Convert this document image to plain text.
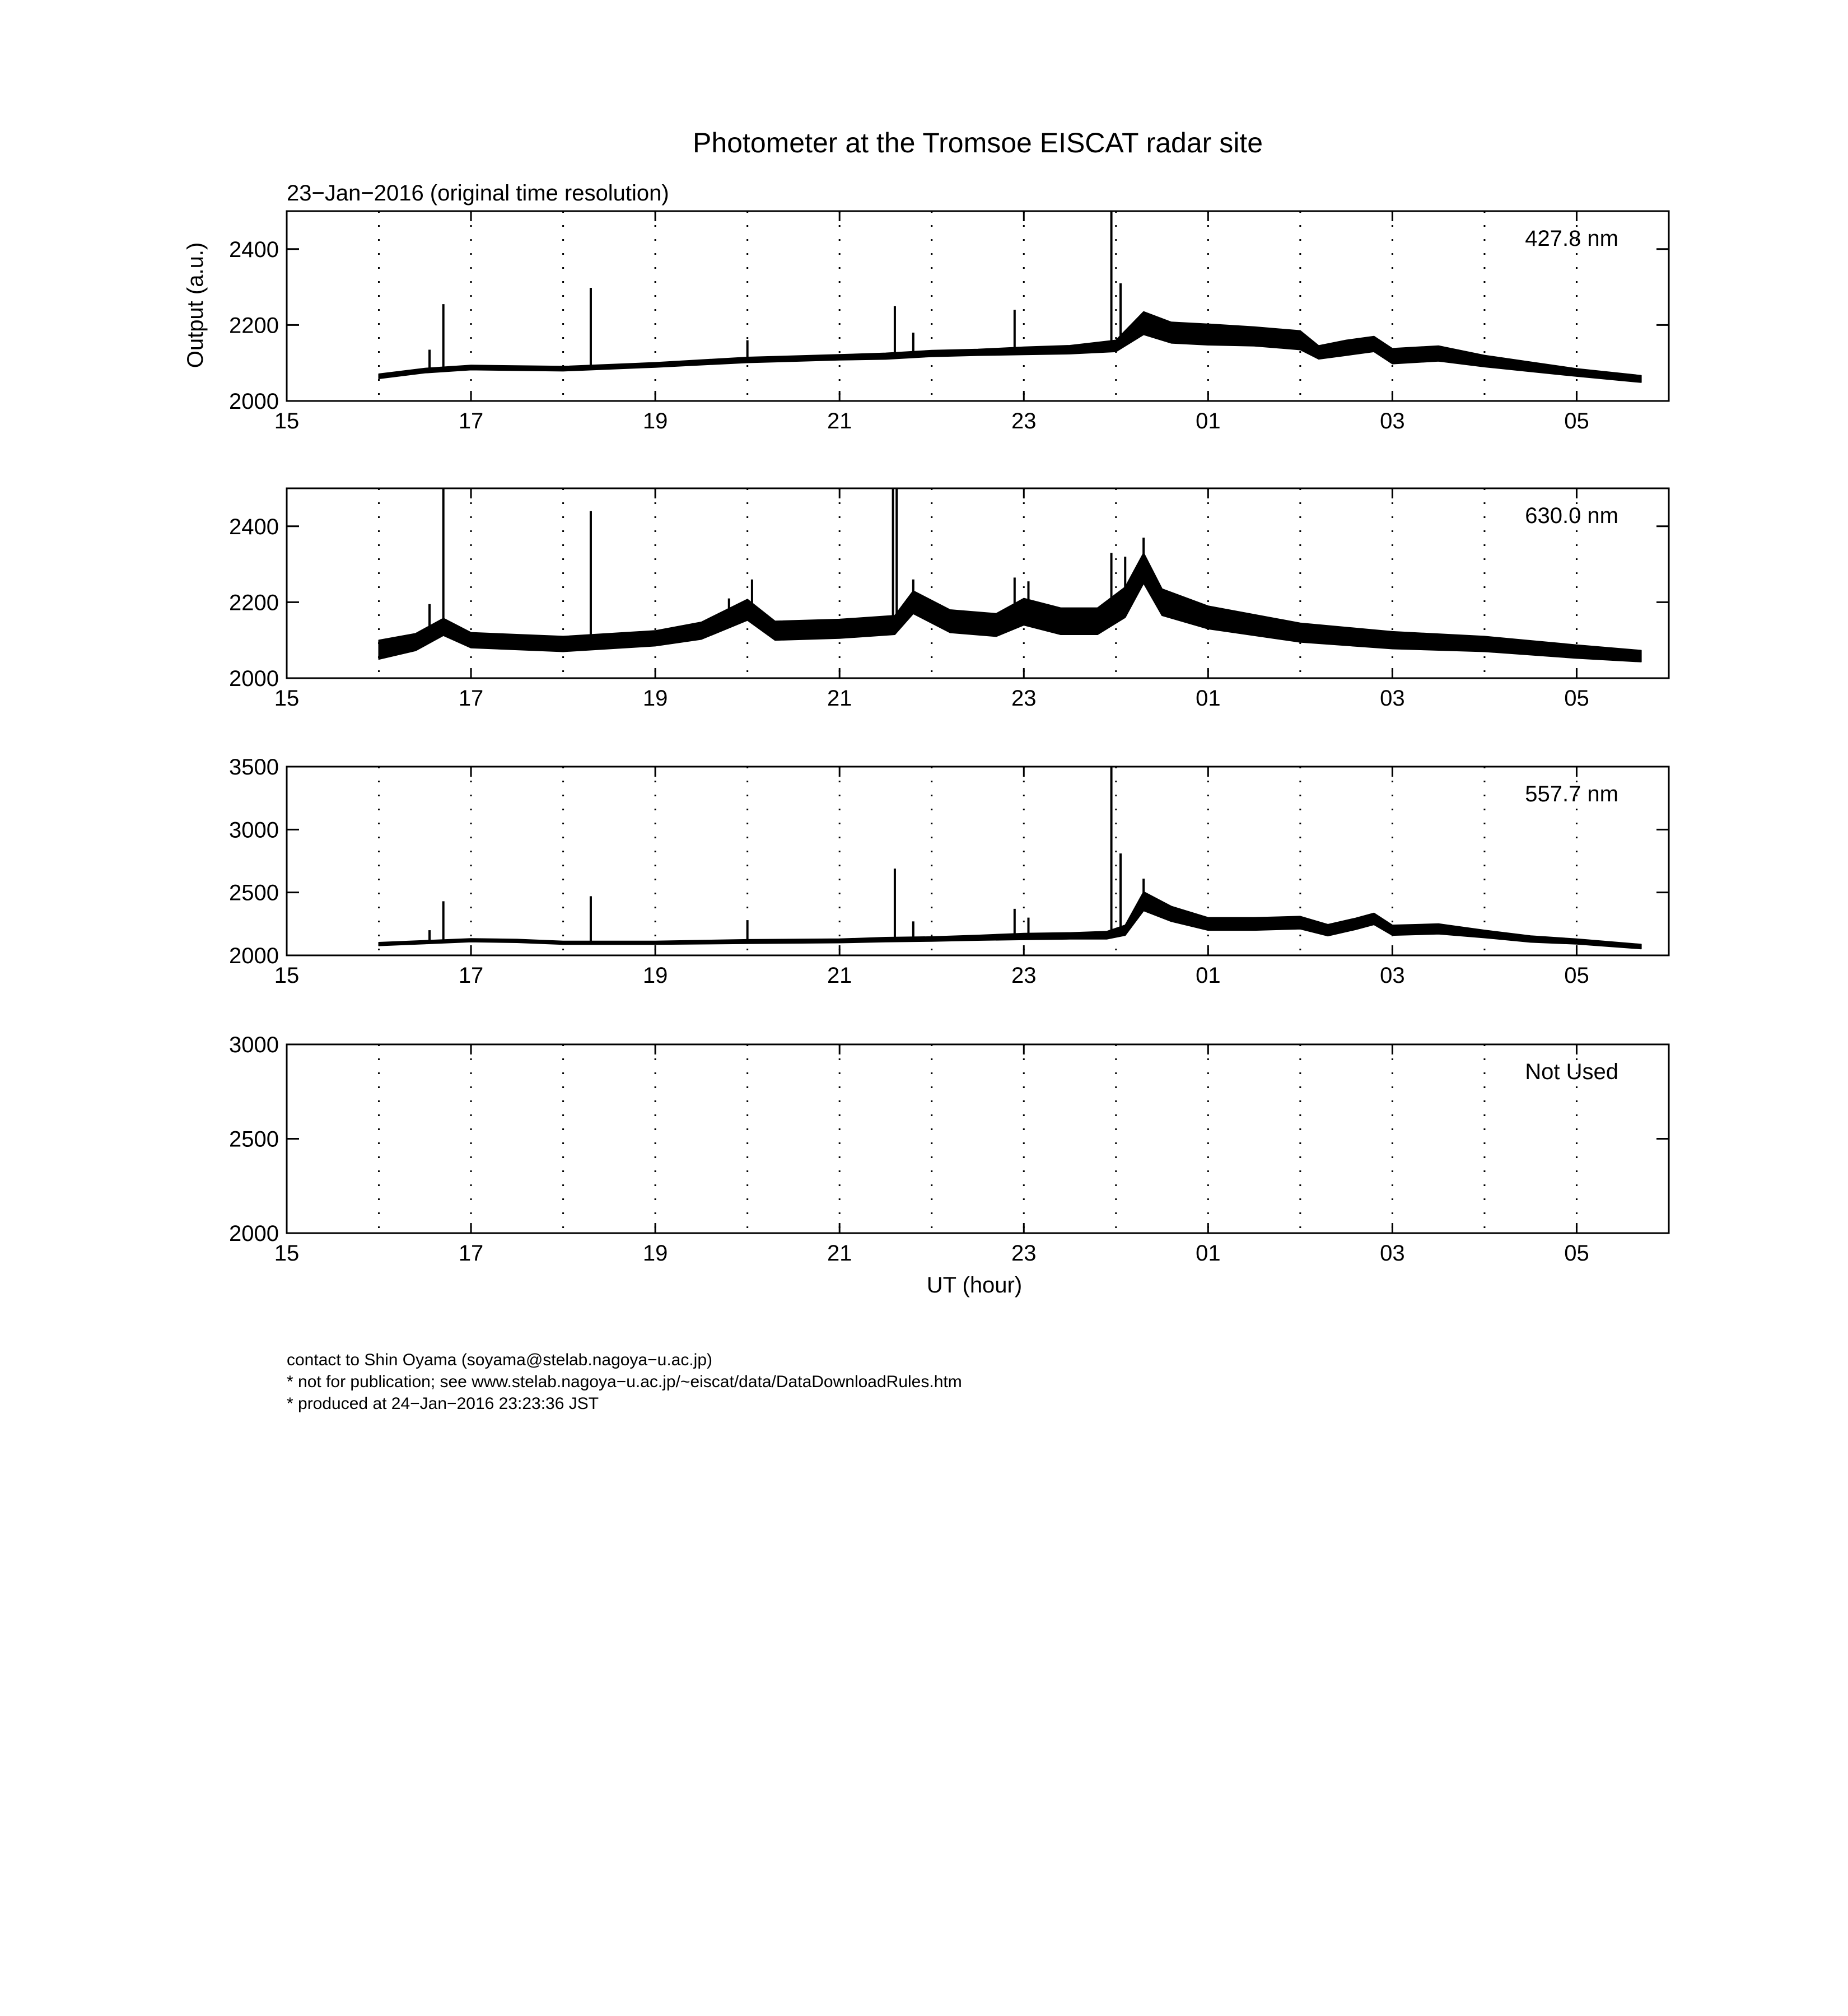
Photometer at the Tromsoe EISCAT radar site
23−Jan−2016 (original time resolution)
Output (a.u.)
UT (hour)
2000
2200
2400
15	17	19	21	23	01	03	05
427.8 nm
2000
2200
2400
15	17	19	21	23	01	03	05
630.0 nm
2000
2500
3000
3500
15	17	19	21	23	01	03	05
557.7 nm
2000
2500
3000
15	17	19	21	23	01	03	05
Not Used
contact to Shin Oyama (soyama@stelab.nagoya−u.ac.jp)
* not for publication; see www.stelab.nagoya−u.ac.jp/~eiscat/data/DataDownloadRules.htm
* produced at 24−Jan−2016 23:23:36 JST
